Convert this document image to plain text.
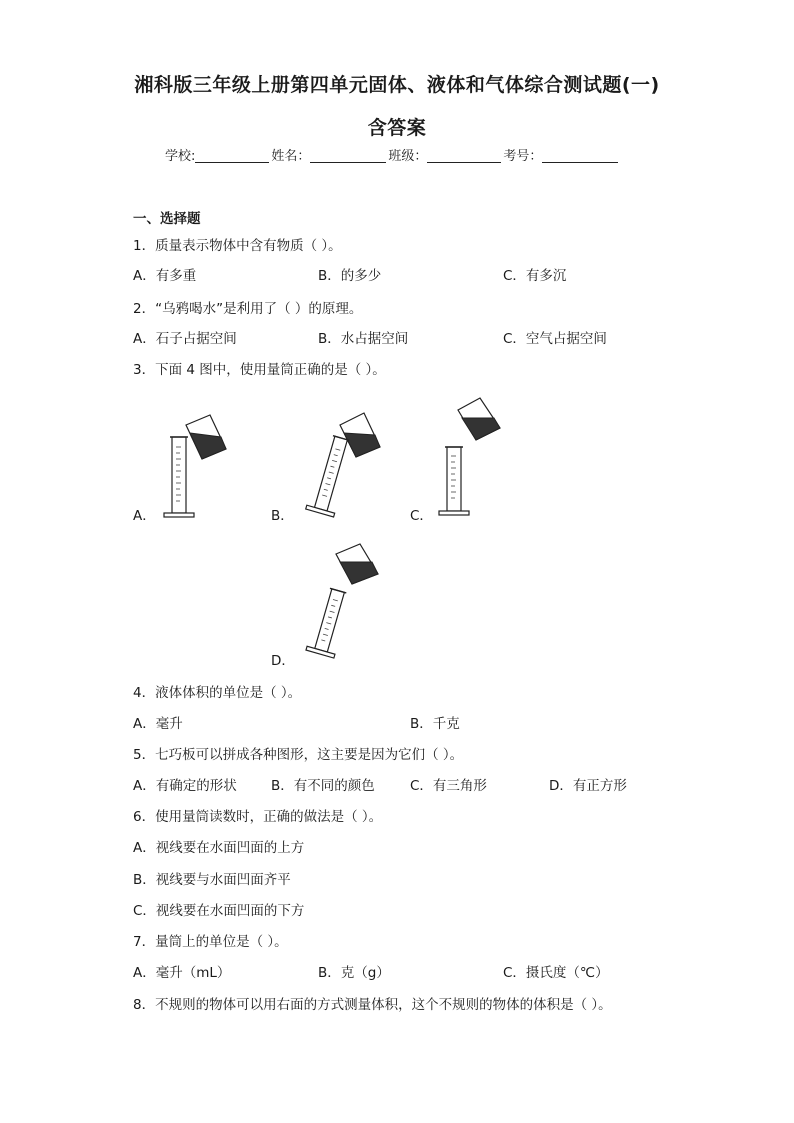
湘科版三年级上册第四单元固体、液体和气体综合测试题(一)
含答案
学校:	姓名：	班级：	考号：
一、选择题
1．质量表示物体中含有物质（ ）。
A．有多重	B．的多少	C．有多沉
2．“乌鸦喝水”是利用了（ ）的原理。
A．石子占据空间	B．水占据空间	C．空气占据空间
3．下面 4 图中，使用量筒正确的是（ ）。
A．	B．	C．
D．
4．液体体积的单位是（ ）。
A．毫升	B．千克
5．七巧板可以拼成各种图形，这主要是因为它们（ ）。
A．有确定的形状	B．有不同的颜色	C．有三角形	D．有正方形
6．使用量筒读数时，正确的做法是（ ）。
A．视线要在水面凹面的上方
B．视线要与水面凹面齐平
C．视线要在水面凹面的下方
7．量筒上的单位是（ ）。
A．毫升（mL）	B．克（g）	C．摄氏度（℃）
8．不规则的物体可以用右面的方式测量体积，这个不规则的物体的体积是（ ）。
